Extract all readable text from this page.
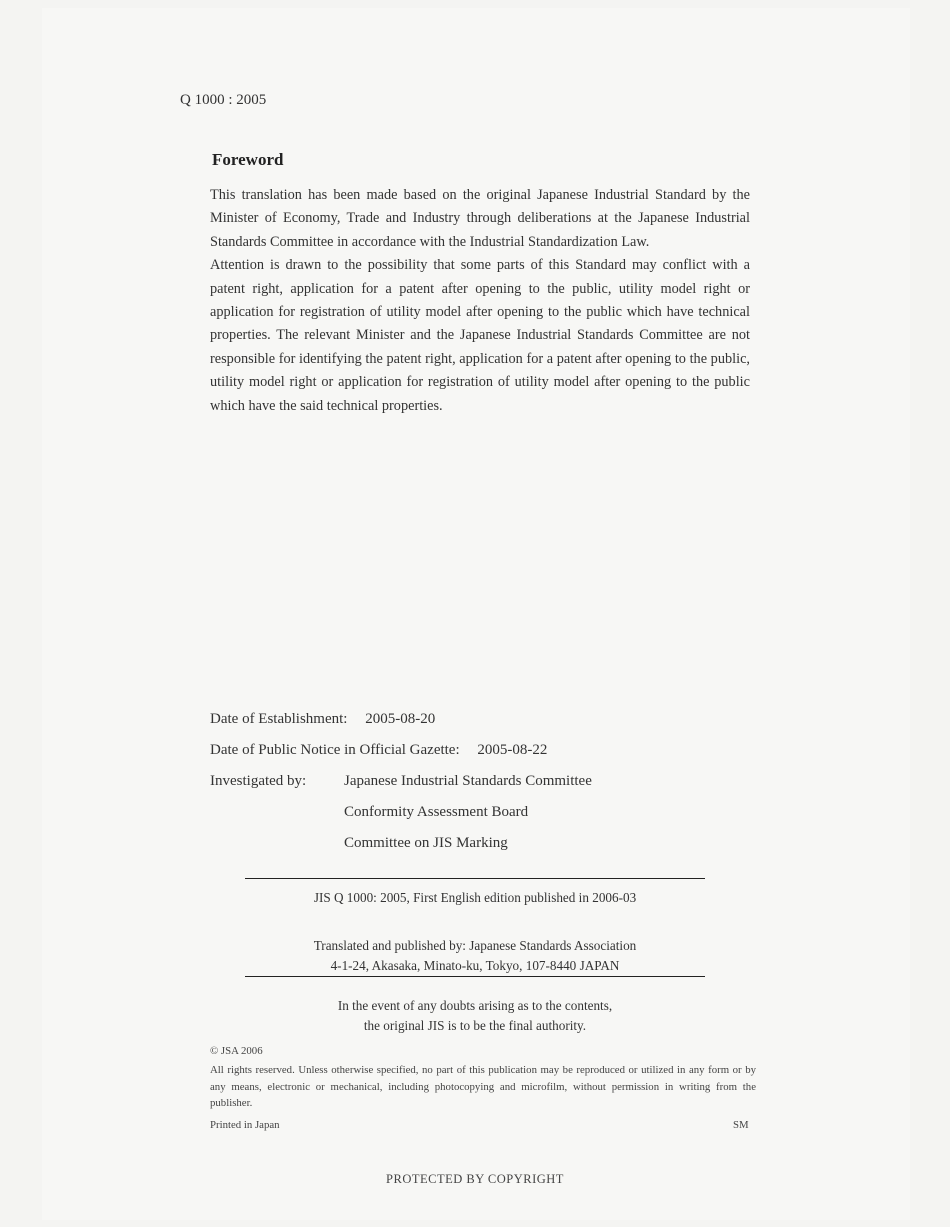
Q 1000 : 2005
Foreword

This translation has been made based on the original Japanese Industrial Standard by the Minister of Economy, Trade and Industry through deliberations at the Japanese Industrial Standards Committee in accordance with the Industrial Standardization Law.

Attention is drawn to the possibility that some parts of this Standard may conflict with a patent right, application for a patent after opening to the public, utility model right or application for registration of utility model after opening to the public which have technical properties. The relevant Minister and the Japanese Industrial Standards Committee are not responsible for identifying the patent right, application for a patent after opening to the public, utility model right or application for registration of utility model after opening to the public which have the said technical properties.

Date of Establishment: 2005-08-20
Date of Public Notice in Official Gazette: 2005-08-22
Investigated by:	Japanese Industrial Standards Committee
Conformity Assessment Board
Committee on JIS Marking
JIS Q 1000: 2005, First English edition published in 2006-03
Translated and published by: Japanese Standards Association
4-1-24, Akasaka, Minato-ku, Tokyo, 107-8440 JAPAN
In the event of any doubts arising as to the contents,
the original JIS is to be the final authority.
© JSA 2006
All rights reserved. Unless otherwise specified, no part of this publication may be reproduced or utilized in any form or by any means, electronic or mechanical, including photocopying and microfilm, without permission in writing from the publisher.
Printed in Japan	SM
PROTECTED BY COPYRIGHT
